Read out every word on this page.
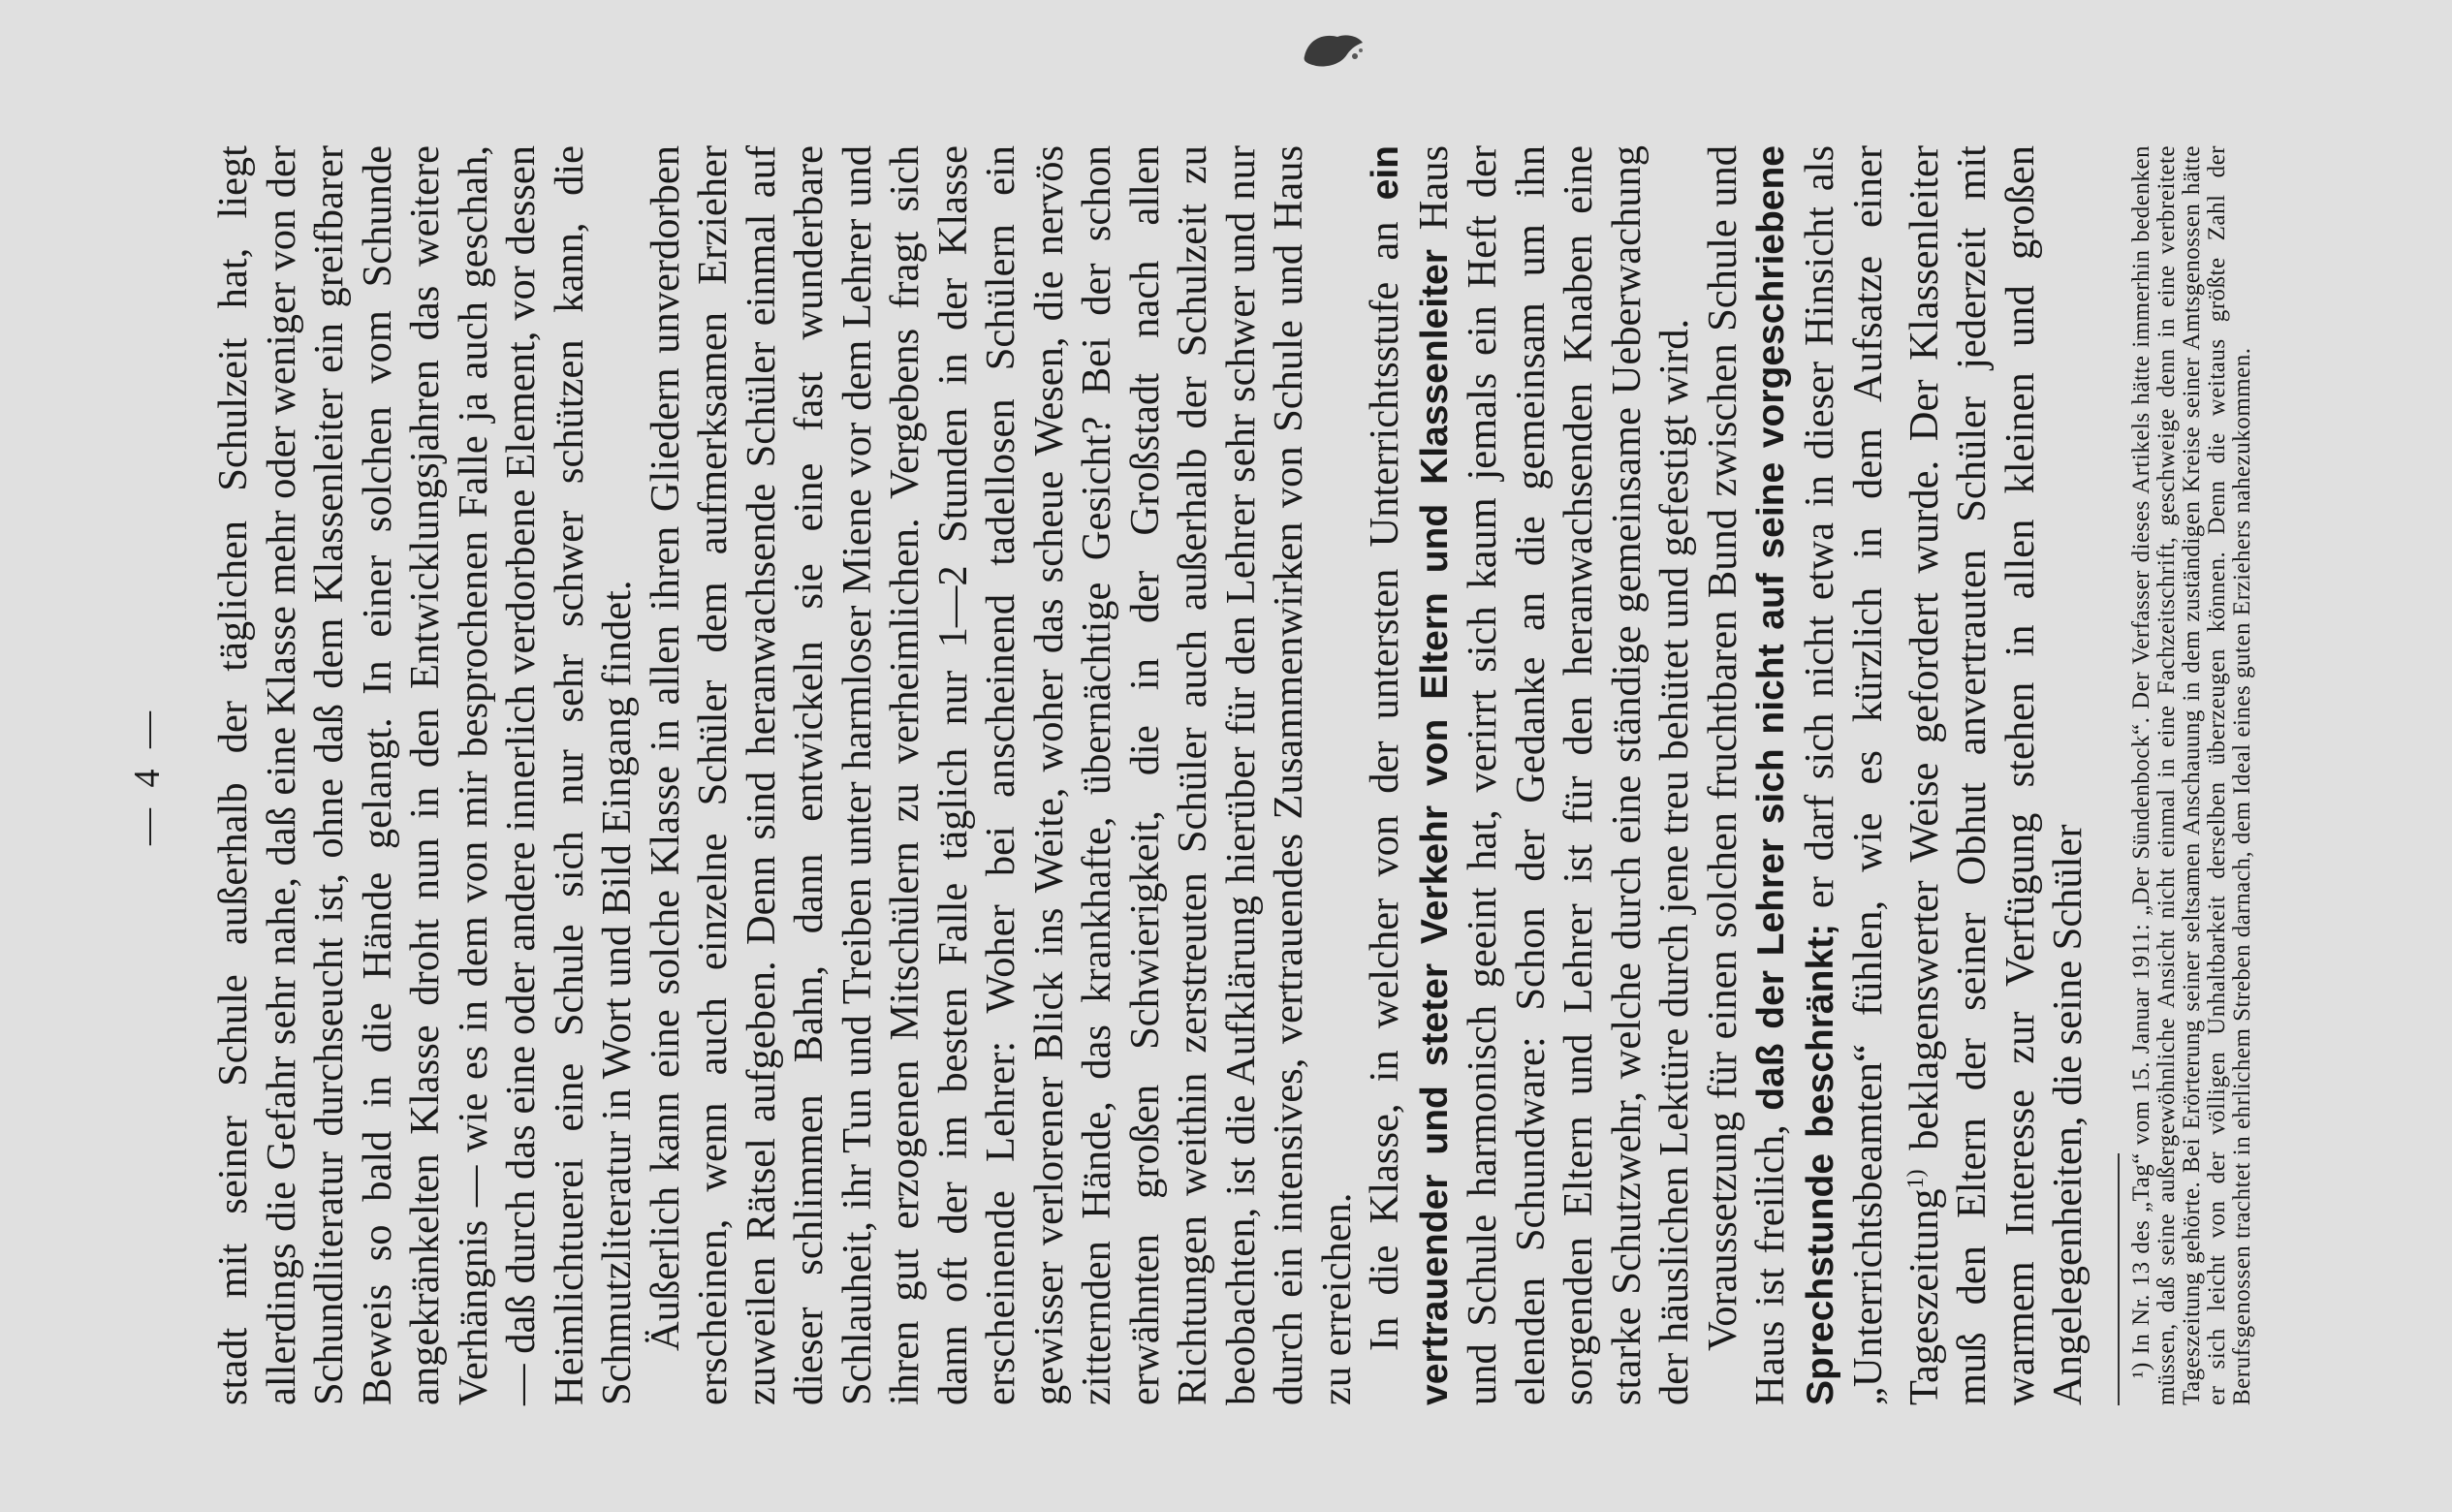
— 4 — stadt mit seiner Schule außerhalb der täglichen Schulzeit hat, liegt allerdings die Gefahr sehr nahe, daß eine Klasse mehr oder weniger von der Schundliteratur durchseucht ist, ohne daß dem Klassenleiter ein greifbarer Beweis so bald in die Hände gelangt. In einer solchen vom Schunde angekränkelten Klasse droht nun in den Entwicklungsjahren das weitere Verhängnis — wie es in dem von mir besprochenen Falle ja auch geschah, — daß durch das eine oder andere innerlich verdorbene Element, vor dessen Heimlichtuerei eine Schule sich nur sehr schwer schützen kann, die Schmutzliteratur in Wort und Bild Eingang findet. Äußerlich kann eine solche Klasse in allen ihren Gliedern unverdorben erscheinen, wenn auch einzelne Schüler dem aufmerksamen Erzieher zuweilen Rätsel aufgeben. Denn sind heranwachsende Schüler einmal auf dieser schlimmen Bahn, dann entwickeln sie eine fast wunderbare Schlauheit, ihr Tun und Treiben unter harmloser Miene vor dem Lehrer und ihren gut erzogenen Mitschülern zu verheimlichen. Vergebens fragt sich dann oft der im besten Falle täglich nur 1—2 Stunden in der Klasse erscheinende Lehrer: Woher bei anscheinend tadellosen Schülern ein gewisser verlorener Blick ins Weite, woher das scheue Wesen, die nervös zitternden Hände, das krankhafte, übernächtige Gesicht? Bei der schon erwähnten großen Schwierigkeit, die in der Großstadt nach allen Richtungen weithin zerstreuten Schüler auch außerhalb der Schulzeit zu beobachten, ist die Aufklärung hierüber für den Lehrer sehr schwer und nur durch ein intensives, vertrauendes Zusammenwirken von Schule und Haus zu erreichen. In die Klasse, in welcher von der untersten Unterrichtsstufe an ein vertrauender und steter Verkehr von Eltern und Klassenleiter Haus und Schule harmonisch geeint hat, verirrt sich kaum jemals ein Heft der elenden Schundware: Schon der Gedanke an die gemeinsam um ihn sorgenden Eltern und Lehrer ist für den heranwachsenden Knaben eine starke Schutzwehr, welche durch eine ständige gemeinsame Ueberwachung der häuslichen Lektüre durch jene treu behütet und gefestigt wird. Voraussetzung für einen solchen fruchtbaren Bund zwischen Schule und Haus ist freilich, daß der Lehrer sich nicht auf seine vorgeschriebene Sprechstunde beschränkt; er darf sich nicht etwa in dieser Hinsicht als „Unterrichtsbeamten“ fühlen, wie es kürzlich in dem Aufsatze einer Tageszeitung$^{1)}$ beklagenswerter Weise gefordert wurde. Der Klassenleiter muß den Eltern der seiner Obhut anvertrauten Schüler jederzeit mit warmem Interesse zur Verfügung stehen in allen kleinen und großen Angelegenheiten, die seine Schüler ¹) In Nr. 13 des „Tag“ vom 15. Januar 1911: „Der Sündenbock“. Der Verfasser dieses Artikels hätte immerhin bedenken müssen, daß seine außergewöhnliche Ansicht nicht einmal in eine Fachzeitschrift, geschweige denn in eine verbreitete Tageszeitung gehörte. Bei Erörterung seiner seltsamen Anschauung in dem zuständigen Kreise seiner Amtsgenossen hätte er sich leicht von der völligen Unhaltbarkeit derselben überzeugen können. Denn die weitaus größte Zahl der Berufsgenossen trachtet in ehrlichem Streben darnach, dem Ideal eines guten Erziehers nahezukommen.
